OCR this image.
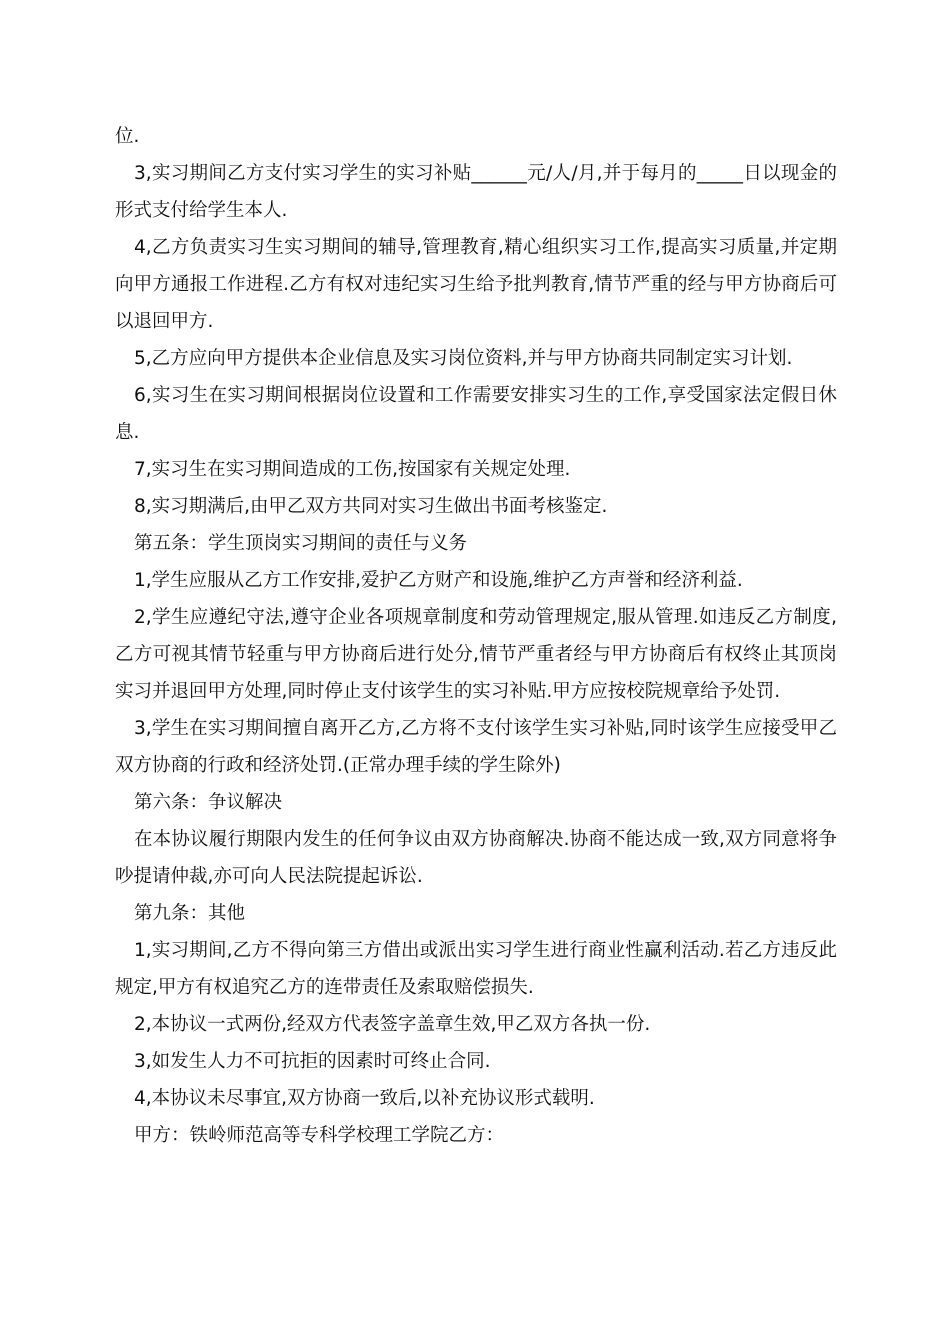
位.

3,实习期间乙方支付实习学生的实习补贴______元/人/月,并于每月的_____日以现金的形式支付给学生本人.

4,乙方负责实习生实习期间的辅导,管理教育,精心组织实习工作,提高实习质量,并定期向甲方通报工作进程.乙方有权对违纪实习生给予批判教育,情节严重的经与甲方协商后可以退回甲方.

5,乙方应向甲方提供本企业信息及实习岗位资料,并与甲方协商共同制定实习计划.

6,实习生在实习期间根据岗位设置和工作需要安排实习生的工作,享受国家法定假日休息.

7,实习生在实习期间造成的工伤,按国家有关规定处理.

8,实习期满后,由甲乙双方共同对实习生做出书面考核鉴定.

第五条：学生顶岗实习期间的责任与义务

1,学生应服从乙方工作安排,爱护乙方财产和设施,维护乙方声誉和经济利益.

2,学生应遵纪守法,遵守企业各项规章制度和劳动管理规定,服从管理.如违反乙方制度,乙方可视其情节轻重与甲方协商后进行处分,情节严重者经与甲方协商后有权终止其顶岗实习并退回甲方处理,同时停止支付该学生的实习补贴.甲方应按校院规章给予处罚.

3,学生在实习期间擅自离开乙方,乙方将不支付该学生实习补贴,同时该学生应接受甲乙双方协商的行政和经济处罚.(正常办理手续的学生除外)

第六条：争议解决

在本协议履行期限内发生的任何争议由双方协商解决.协商不能达成一致,双方同意将争吵提请仲裁,亦可向人民法院提起诉讼.

第九条：其他

1,实习期间,乙方不得向第三方借出或派出实习学生进行商业性赢利活动.若乙方违反此规定,甲方有权追究乙方的连带责任及索取赔偿损失.

2,本协议一式两份,经双方代表签字盖章生效,甲乙双方各执一份.

3,如发生人力不可抗拒的因素时可终止合同.

4,本协议未尽事宜,双方协商一致后,以补充协议形式载明.

甲方：铁岭师范高等专科学校理工学院乙方：
